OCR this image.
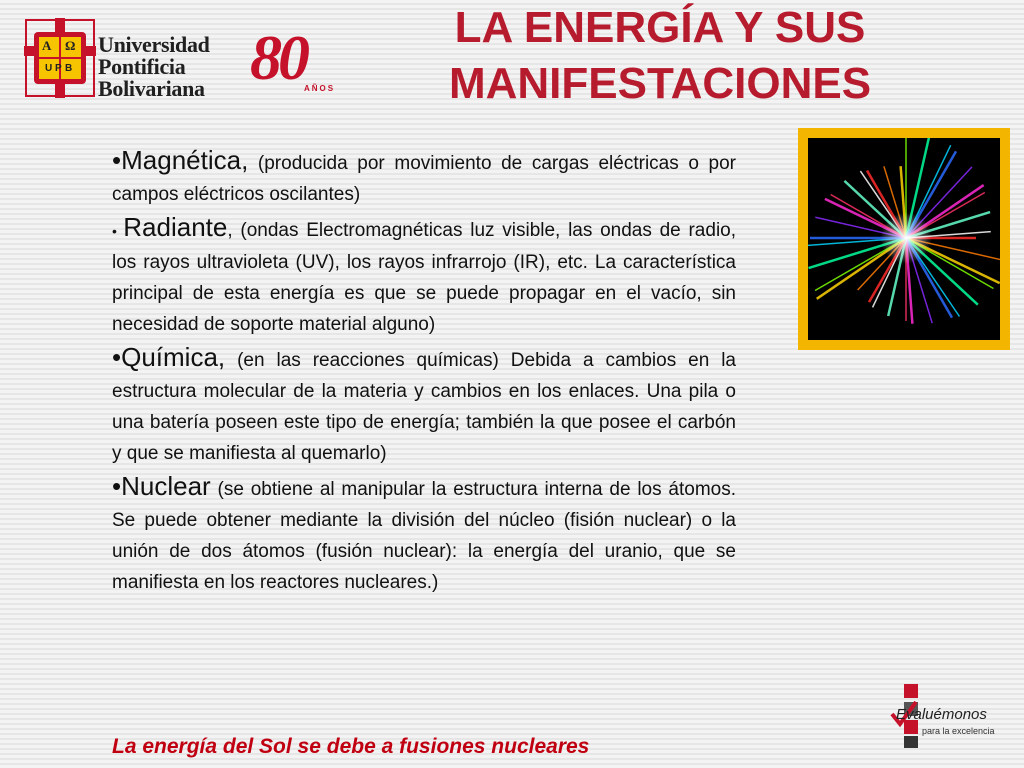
A Ω
U P B
Universidad
Pontificia
Bolivariana 80
AÑOS
LA ENERGÍA Y SUS
MANIFESTACIONES
•Magnética, (producida por movimiento de cargas eléctricas o por campos eléctricos oscilantes)
• Radiante, (ondas Electromagnéticas luz visible, las ondas de radio, los rayos ultravioleta (UV), los rayos infrarrojo (IR), etc. La característica principal de esta energía es que se puede propagar en el vacío, sin necesidad de soporte material alguno)
•Química, (en las reacciones químicas) Debida a cambios en la estructura molecular de la materia y cambios en los enlaces. Una pila o una batería poseen este tipo de energía; también la que posee el carbón y que se manifiesta al quemarlo)
•Nuclear (se obtiene al manipular la estructura interna de los átomos. Se puede obtener mediante la división del núcleo (fisión nuclear) o la unión de dos átomos (fusión nuclear): la energía del uranio, que se manifiesta en los reactores nucleares.)
La energía del Sol se debe a fusiones nucleares
Evaluémonos
para la excelencia
